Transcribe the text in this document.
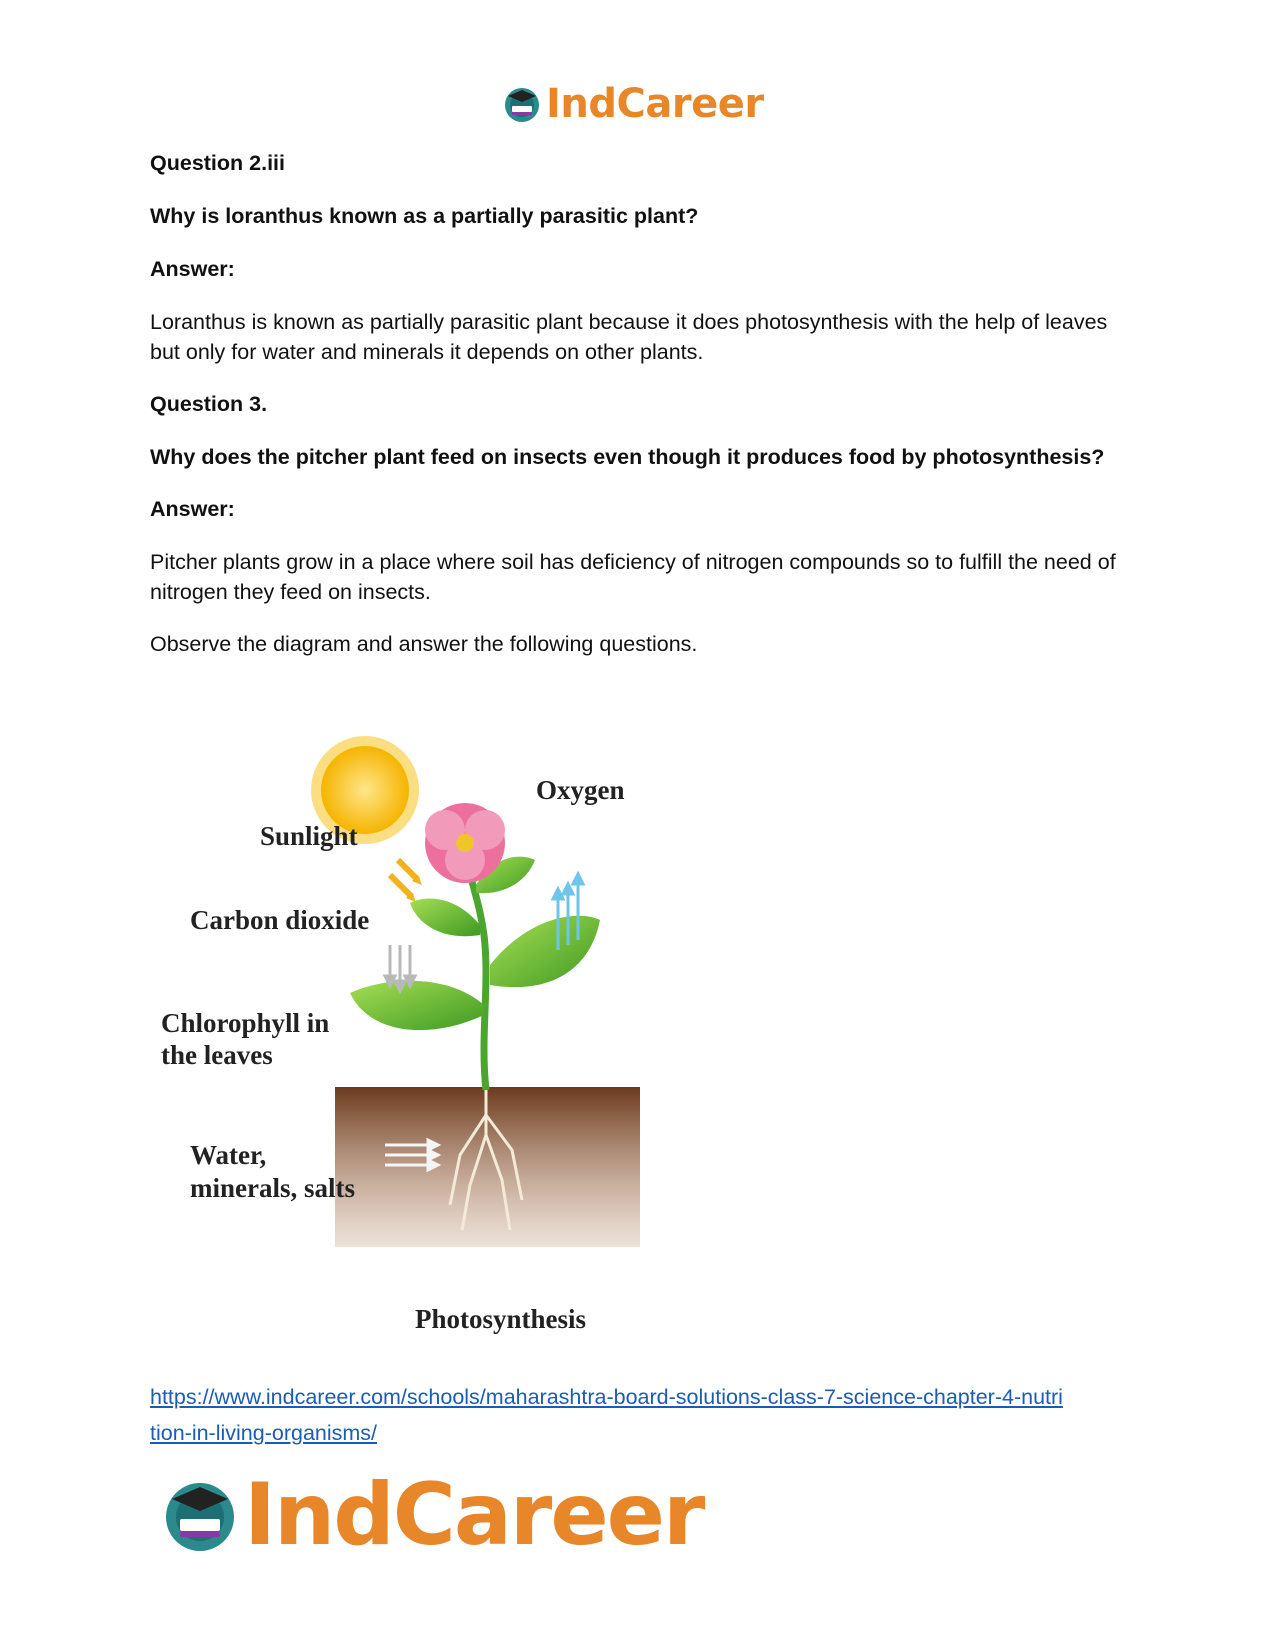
IndCareer

Question 2.iii

Why is loranthus known as a partially parasitic plant?

Answer:

Loranthus is known as partially parasitic plant because it does photosynthesis with the help of leaves but only for water and minerals it depends on other plants.

Question 3.

Why does the pitcher plant feed on insects even though it produces food by photosynthesis?

Answer:

Pitcher plants grow in a place where soil has deficiency of nitrogen compounds so to fulfill the need of nitrogen they feed on insects.

Observe the diagram and answer the following questions.

Oxygen
Sunlight
Carbon dioxide
Chlorophyll in
the leaves
Water,
minerals, salts
Photosynthesis
https://www.indcareer.com/schools/maharashtra-board-solutions-class-7-science-chapter-4-nutri
tion-in-living-organisms/
IndCareer
